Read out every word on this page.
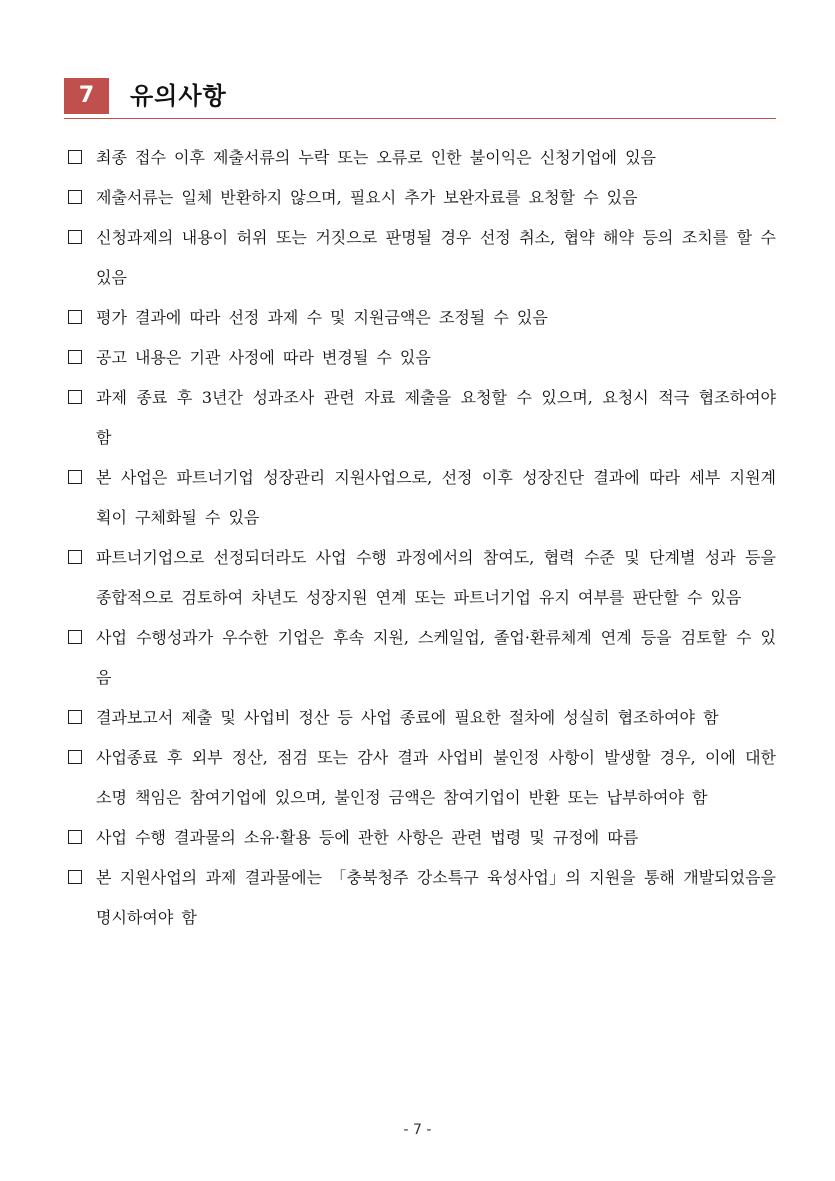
7	유의사항
최종 접수 이후 제출서류의 누락 또는 오류로 인한 불이익은 신청기업에 있음
제출서류는 일체 반환하지 않으며, 필요시 추가 보완자료를 요청할 수 있음
신청과제의 내용이 허위 또는 거짓으로 판명될 경우 선정 취소, 협약 해약 등의 조치를 할 수 있음
평가 결과에 따라 선정 과제 수 및 지원금액은 조정될 수 있음
공고 내용은 기관 사정에 따라 변경될 수 있음
과제 종료 후 3년간 성과조사 관련 자료 제출을 요청할 수 있으며, 요청시 적극 협조하여야 함
본 사업은 파트너기업 성장관리 지원사업으로, 선정 이후 성장진단 결과에 따라 세부 지원계획이 구체화될 수 있음
파트너기업으로 선정되더라도 사업 수행 과정에서의 참여도, 협력 수준 및 단계별 성과 등을 종합적으로 검토하여 차년도 성장지원 연계 또는 파트너기업 유지 여부를 판단할 수 있음
사업 수행성과가 우수한 기업은 후속 지원, 스케일업, 졸업·환류체계 연계 등을 검토할 수 있음
결과보고서 제출 및 사업비 정산 등 사업 종료에 필요한 절차에 성실히 협조하여야 함
사업종료 후 외부 정산, 점검 또는 감사 결과 사업비 불인정 사항이 발생할 경우, 이에 대한 소명 책임은 참여기업에 있으며, 불인정 금액은 참여기업이 반환 또는 납부하여야 함
사업 수행 결과물의 소유·활용 등에 관한 사항은 관련 법령 및 규정에 따름
본 지원사업의 과제 결과물에는 「충북청주 강소특구 육성사업」의 지원을 통해 개발되었음을 명시하여야 함
- 7 -
